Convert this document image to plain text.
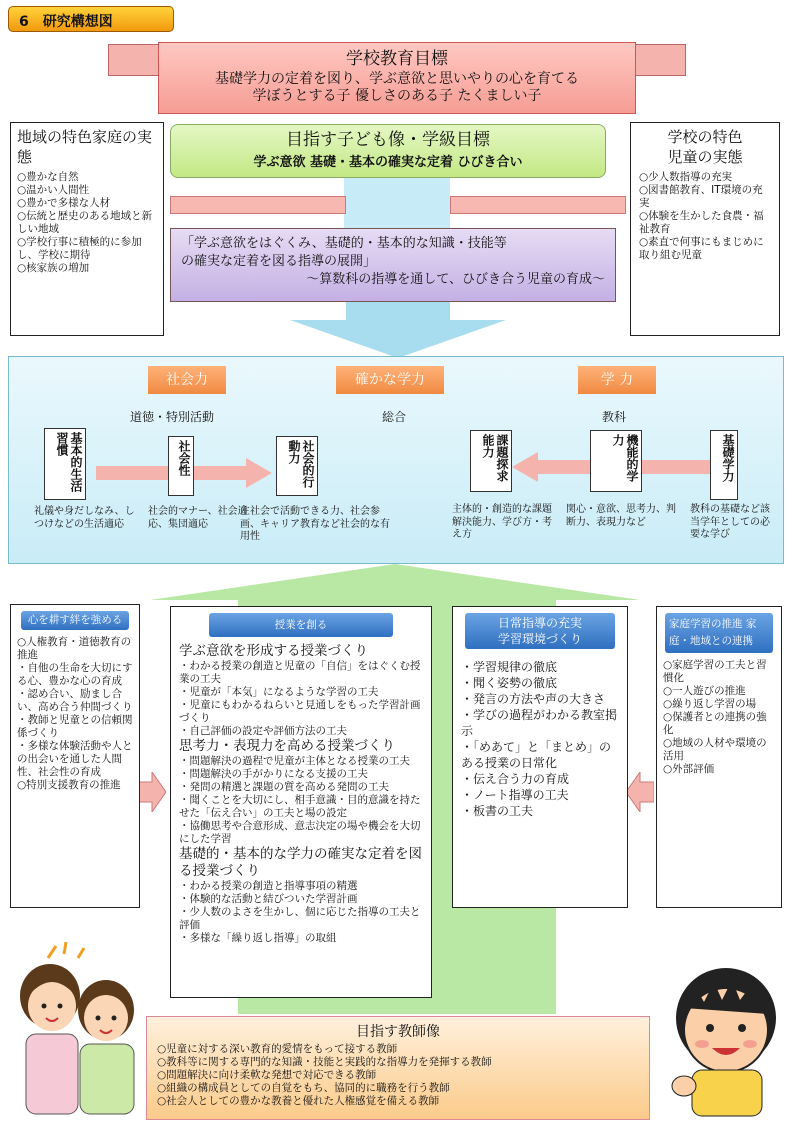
6 研究構想図
学校教育目標
基礎学力の定着を図り、学ぶ意欲と思いやりの心を育てる
学ぼうとする子 優しさのある子 たくましい子
目指す子ども像・学級目標
学ぶ意欲 基礎・基本の確実な定着 ひびき合い
地域の特色家庭の実態
○豊かな自然
○温かい人間性
○豊かで多様な人材
○伝統と歴史のある地域と新しい地域
○学校行事に積極的に参加し、学校に期待
○核家族の増加
学校の特色
児童の実態
○少人数指導の充実
○図書館教育、IT環境の充実
○体験を生かした食農・福祉教育
○素直で何事にもまじめに取り組む児童
「学ぶ意欲をはぐくみ、基礎的・基本的な知識・技能等
の確実な定着を図る指導の展開」
～算数科の指導を通して、ひびき合う児童の育成～
社会力	確かな学力	学 力
道徳・特別活動	総合	教科
基本的生活習慣	社会性	社会的行動力	課題探求能力	機能的学力	基礎学力
礼儀や身だしなみ、しつけなどの生活適応
社会的マナー、社会適応、集団適応
主社会で活動できる力、社会参画、キャリア教育など社会的な有用性
主体的・創造的な課題解決能力、学び方・考え方
関心・意欲、思考力、判断力、表現力など
教科の基礎など該当学年としての必要な学び
心を耕す絆を強める
○人権教育・道徳教育の推進
・自他の生命を大切にする心、豊かな心の育成
・認め合い、励まし合い、高め合う仲間づくり
・教師と児童との信頼関係づくり
・多様な体験活動や人との出会いを通した人間性、社会性の育成
○特別支援教育の推進
授業を創る
学ぶ意欲を形成する授業づくり
・わかる授業の創造と児童の「自信」をはぐくむ授業の工夫
・児童が「本気」になるような学習の工夫
・児童にもわかるねらいと見通しをもった学習計画づくり
・自己評価の設定や評価方法の工夫
思考力・表現力を高める授業づくり
・問題解決の過程で児童が主体となる授業の工夫
・問題解決の手がかりになる支援の工夫
・発問の精選と課題の質を高める発問の工夫
・聞くことを大切にし、相手意識・目的意識を持たせた「伝え合い」の工夫と場の設定
・協働思考や合意形成、意志決定の場や機会を大切にした学習
基礎的・基本的な学力の確実な定着を図る授業づくり
・わかる授業の創造と指導事項の精選
・体験的な活動と結びついた学習計画
・少人数のよさを生かし、個に応じた指導の工夫と評価
・多様な「繰り返し指導」の取組
日常指導の充実
学習環境づくり
・学習規律の徹底
・聞く姿勢の徹底
・発言の方法や声の大きさ
・学びの過程がわかる教室掲示
・「めあて」と「まとめ」のある授業の日常化
・伝え合う力の育成
・ノート指導の工夫
・板書の工夫
家庭学習の推進 家庭・地域との連携
○家庭学習の工夫と習慣化
○一人遊びの推進
○繰り返し学習の場
○保護者との連携の強化
○地域の人材や環境の活用
○外部評価
目指す教師像
○児童に対する深い教育的愛情をもって接する教師
○教科等に関する専門的な知識・技能と実践的な指導力を発揮する教師
○問題解決に向け柔軟な発想で対応できる教師
○組織の構成員としての自覚をもち、協同的に職務を行う教師
○社会人としての豊かな教養と優れた人権感覚を備える教師
